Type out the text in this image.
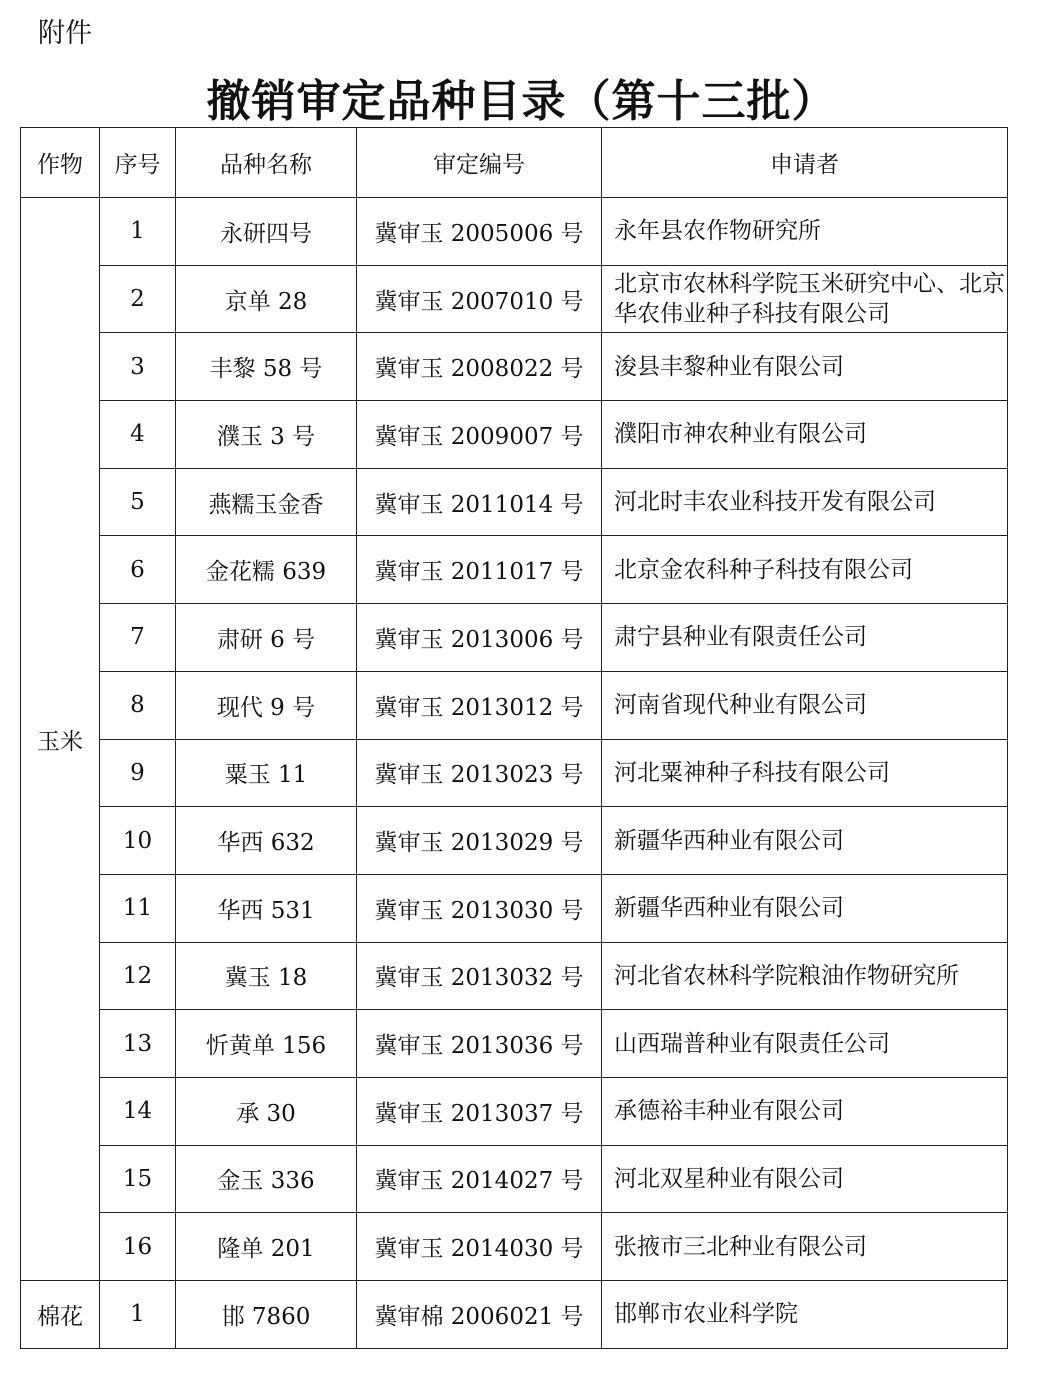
附件
撤销审定品种目录（第十三批）
作物	序号	品种名称	审定编号	申请者
玉米	1	永研四号	冀审玉 2005006 号	永年县农作物研究所
	2	京单 28	冀审玉 2007010 号	北京市农林科学院玉米研究中心、北京华农伟业种子科技有限公司
	3	丰黎 58 号	冀审玉 2008022 号	浚县丰黎种业有限公司
	4	濮玉 3 号	冀审玉 2009007 号	濮阳市神农种业有限公司
	5	燕糯玉金香	冀审玉 2011014 号	河北时丰农业科技开发有限公司
	6	金花糯 639	冀审玉 2011017 号	北京金农科种子科技有限公司
	7	肃研 6 号	冀审玉 2013006 号	肃宁县种业有限责任公司
	8	现代 9 号	冀审玉 2013012 号	河南省现代种业有限公司
	9	粟玉 11	冀审玉 2013023 号	河北粟神种子科技有限公司
	10	华西 632	冀审玉 2013029 号	新疆华西种业有限公司
	11	华西 531	冀审玉 2013030 号	新疆华西种业有限公司
	12	冀玉 18	冀审玉 2013032 号	河北省农林科学院粮油作物研究所
	13	忻黄单 156	冀审玉 2013036 号	山西瑞普种业有限责任公司
	14	承 30	冀审玉 2013037 号	承德裕丰种业有限公司
	15	金玉 336	冀审玉 2014027 号	河北双星种业有限公司
	16	隆单 201	冀审玉 2014030 号	张掖市三北种业有限公司
棉花	1	邯 7860	冀审棉 2006021 号	邯郸市农业科学院
